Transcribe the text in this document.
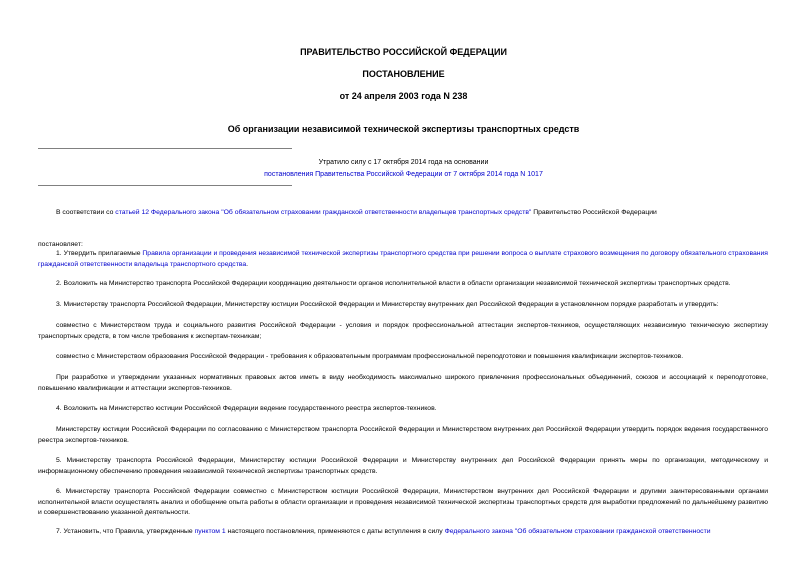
ПРАВИТЕЛЬСТВО РОССИЙСКОЙ ФЕДЕРАЦИИ
ПОСТАНОВЛЕНИЕ
от 24 апреля 2003 года N 238
Об организации независимой технической экспертизы транспортных средств
Утратило силу с 17 октября 2014 года на основании
постановления Правительства Российской Федерации от 7 октября 2014 года N 1017
В соответствии со статьей 12 Федерального закона "Об обязательном страховании гражданской ответственности владельцев транспортных средств" Правительство Российской Федерации
постановляет:
1. Утвердить прилагаемые Правила организации и проведения независимой технической экспертизы транспортного средства при решении вопроса о выплате страхового возмещения по договору обязательного страхования гражданской ответственности владельца транспортного средства.
2. Возложить на Министерство транспорта Российской Федерации координацию деятельности органов исполнительной власти в области организации независимой технической экспертизы транспортных средств.
3. Министерству транспорта Российской Федерации, Министерству юстиции Российской Федерации и Министерству внутренних дел Российской Федерации в установленном порядке разработать и утвердить:
совместно с Министерством труда и социального развития Российской Федерации - условия и порядок профессиональной аттестации экспертов-техников, осуществляющих независимую техническую экспертизу транспортных средств, в том числе требования к экспертам-техникам;
совместно с Министерством образования Российской Федерации - требования к образовательным программам профессиональной переподготовки и повышения квалификации экспертов-техников.
При разработке и утверждении указанных нормативных правовых актов иметь в виду необходимость максимально широкого привлечения профессиональных объединений, союзов и ассоциаций к переподготовке, повышению квалификации и аттестации экспертов-техников.
4. Возложить на Министерство юстиции Российской Федерации ведение государственного реестра экспертов-техников.
Министерству юстиции Российской Федерации по согласованию с Министерством транспорта Российской Федерации и Министерством внутренних дел Российской Федерации утвердить порядок ведения государственного реестра экспертов-техников.
5. Министерству транспорта Российской Федерации, Министерству юстиции Российской Федерации и Министерству внутренних дел Российской Федерации принять меры по организации, методическому и информационному обеспечению проведения независимой технической экспертизы транспортных средств.
6. Министерству транспорта Российской Федерации совместно с Министерством юстиции Российской Федерации, Министерством внутренних дел Российской Федерации и другими заинтересованными органами исполнительной власти осуществлять анализ и обобщение опыта работы в области организации и проведения независимой технической экспертизы транспортных средств для выработки предложений по дальнейшему развитию и совершенствованию указанной деятельности.
7. Установить, что Правила, утвержденные пунктом 1 настоящего постановления, применяются с даты вступления в силу Федерального закона "Об обязательном страховании гражданской ответственности
